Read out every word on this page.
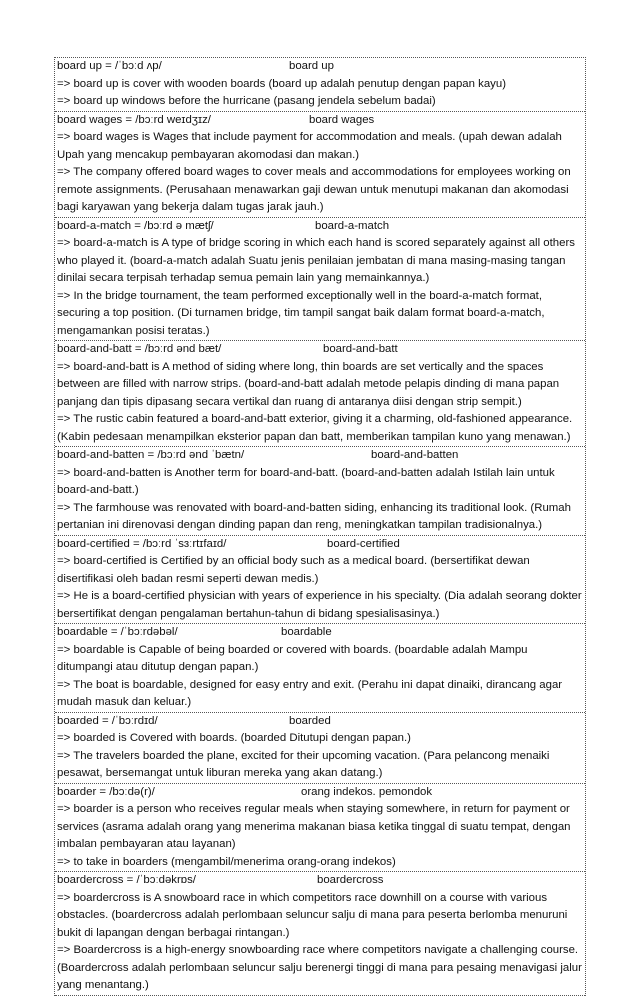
board up = /ˈbɔːd ʌp/	board up
=> board up is cover with wooden boards (board up adalah penutup dengan papan kayu)
=> board up windows before the hurricane (pasang jendela sebelum badai)
board wages = /bɔːrd weɪdʒɪz/	board wages
=> board wages is Wages that include payment for accommodation and meals. (upah dewan adalah Upah yang mencakup pembayaran akomodasi dan makan.)
=> The company offered board wages to cover meals and accommodations for employees working on remote assignments. (Perusahaan menawarkan gaji dewan untuk menutupi makanan dan akomodasi bagi karyawan yang bekerja dalam tugas jarak jauh.)
board-a-match = /bɔːrd ə mætʃ/	board-a-match
=> board-a-match is A type of bridge scoring in which each hand is scored separately against all others who played it. (board-a-match adalah Suatu jenis penilaian jembatan di mana masing-masing tangan dinilai secara terpisah terhadap semua pemain lain yang memainkannya.)
=> In the bridge tournament, the team performed exceptionally well in the board-a-match format, securing a top position. (Di turnamen bridge, tim tampil sangat baik dalam format board-a-match, mengamankan posisi teratas.)
board-and-batt = /bɔːrd ənd bæt/	board-and-batt
=> board-and-batt is A method of siding where long, thin boards are set vertically and the spaces between are filled with narrow strips. (board-and-batt adalah metode pelapis dinding di mana papan panjang dan tipis dipasang secara vertikal dan ruang di antaranya diisi dengan strip sempit.)
=> The rustic cabin featured a board-and-batt exterior, giving it a charming, old-fashioned appearance. (Kabin pedesaan menampilkan eksterior papan dan batt, memberikan tampilan kuno yang menawan.)
board-and-batten = /bɔːrd ənd ˈbætn/	board-and-batten
=> board-and-batten is Another term for board-and-batt. (board-and-batten adalah Istilah lain untuk board-and-batt.)
=> The farmhouse was renovated with board-and-batten siding, enhancing its traditional look. (Rumah pertanian ini direnovasi dengan dinding papan dan reng, meningkatkan tampilan tradisionalnya.)
board-certified = /bɔːrd ˈsɜːrtɪfaɪd/	board-certified
=> board-certified is Certified by an official body such as a medical board. (bersertifikat dewan disertifikasi oleh badan resmi seperti dewan medis.)
=> He is a board-certified physician with years of experience in his specialty. (Dia adalah seorang dokter bersertifikat dengan pengalaman bertahun-tahun di bidang spesialisasinya.)
boardable = /ˈbɔːrdəbəl/	boardable
=> boardable is Capable of being boarded or covered with boards. (boardable adalah Mampu ditumpangi atau ditutup dengan papan.)
=> The boat is boardable, designed for easy entry and exit. (Perahu ini dapat dinaiki, dirancang agar mudah masuk dan keluar.)
boarded = /ˈbɔːrdɪd/	boarded
=> boarded is Covered with boards. (boarded Ditutupi dengan papan.)
=> The travelers boarded the plane, excited for their upcoming vacation. (Para pelancong menaiki pesawat, bersemangat untuk liburan mereka yang akan datang.)
boarder = /bɔːdə(r)/	orang indekos. pemondok
=> boarder is a person who receives regular meals when staying somewhere, in return for payment or services (asrama adalah orang yang menerima makanan biasa ketika tinggal di suatu tempat, dengan imbalan pembayaran atau layanan)
=> to take in boarders (mengambil/menerima orang-orang indekos)
boardercross = /ˈbɔːdəkrɒs/	boardercross
=> boardercross is A snowboard race in which competitors race downhill on a course with various obstacles. (boardercross adalah perlombaan seluncur salju di mana para peserta berlomba menuruni bukit di lapangan dengan berbagai rintangan.)
=> Boardercross is a high-energy snowboarding race where competitors navigate a challenging course. (Boardercross adalah perlombaan seluncur salju berenergi tinggi di mana para pesaing menavigasi jalur yang menantang.)
